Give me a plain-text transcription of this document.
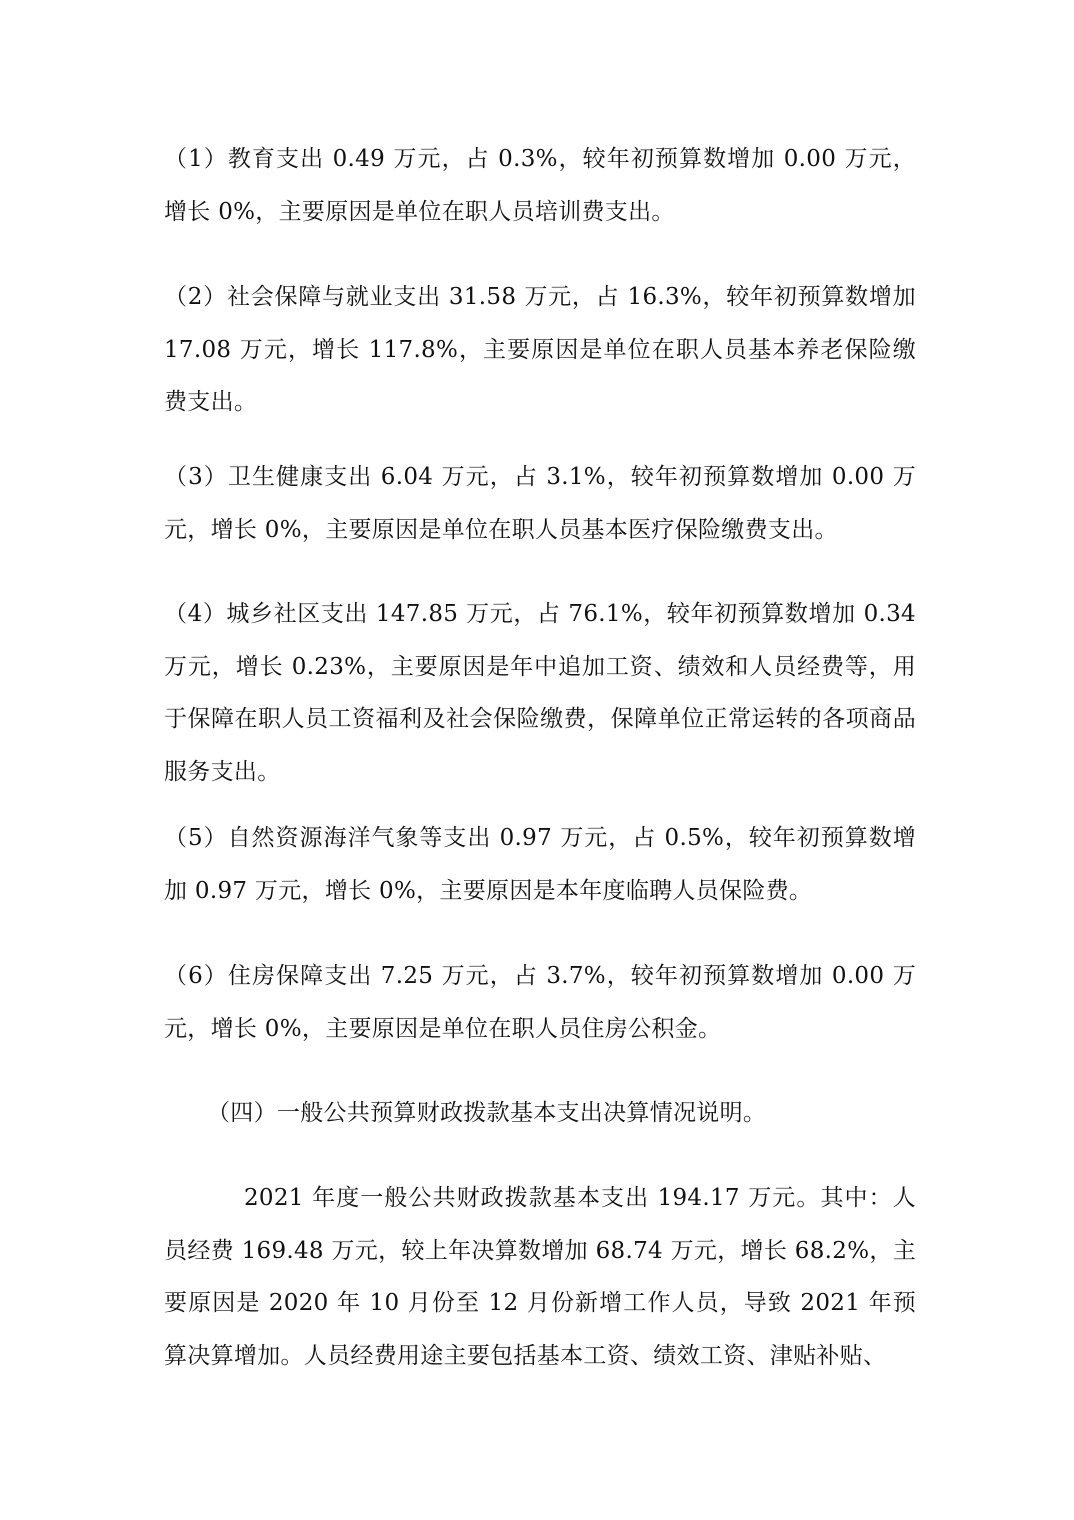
（1）教育支出 0.49 万元，占 0.3%，较年初预算数增加 0.00 万元，增长 0%，主要原因是单位在职人员培训费支出。
（2）社会保障与就业支出 31.58 万元，占 16.3%，较年初预算数增加 17.08 万元，增长 117.8%，主要原因是单位在职人员基本养老保险缴费支出。
（3）卫生健康支出 6.04 万元，占 3.1%，较年初预算数增加 0.00 万元，增长 0%，主要原因是单位在职人员基本医疗保险缴费支出。
（4）城乡社区支出 147.85 万元，占 76.1%，较年初预算数增加 0.34 万元，增长 0.23%，主要原因是年中追加工资、绩效和人员经费等，用于保障在职人员工资福利及社会保险缴费，保障单位正常运转的各项商品服务支出。
（5）自然资源海洋气象等支出 0.97 万元，占 0.5%，较年初预算数增加 0.97 万元，增长 0%，主要原因是本年度临聘人员保险费。
（6）住房保障支出 7.25 万元，占 3.7%，较年初预算数增加 0.00 万元，增长 0%，主要原因是单位在职人员住房公积金。
（四）一般公共预算财政拨款基本支出决算情况说明。
2021 年度一般公共财政拨款基本支出 194.17 万元。其中：人员经费 169.48 万元，较上年决算数增加 68.74 万元，增长 68.2%，主要原因是 2020 年 10 月份至 12 月份新增工作人员，导致 2021 年预算决算增加。人员经费用途主要包括基本工资、绩效工资、津贴补贴、
